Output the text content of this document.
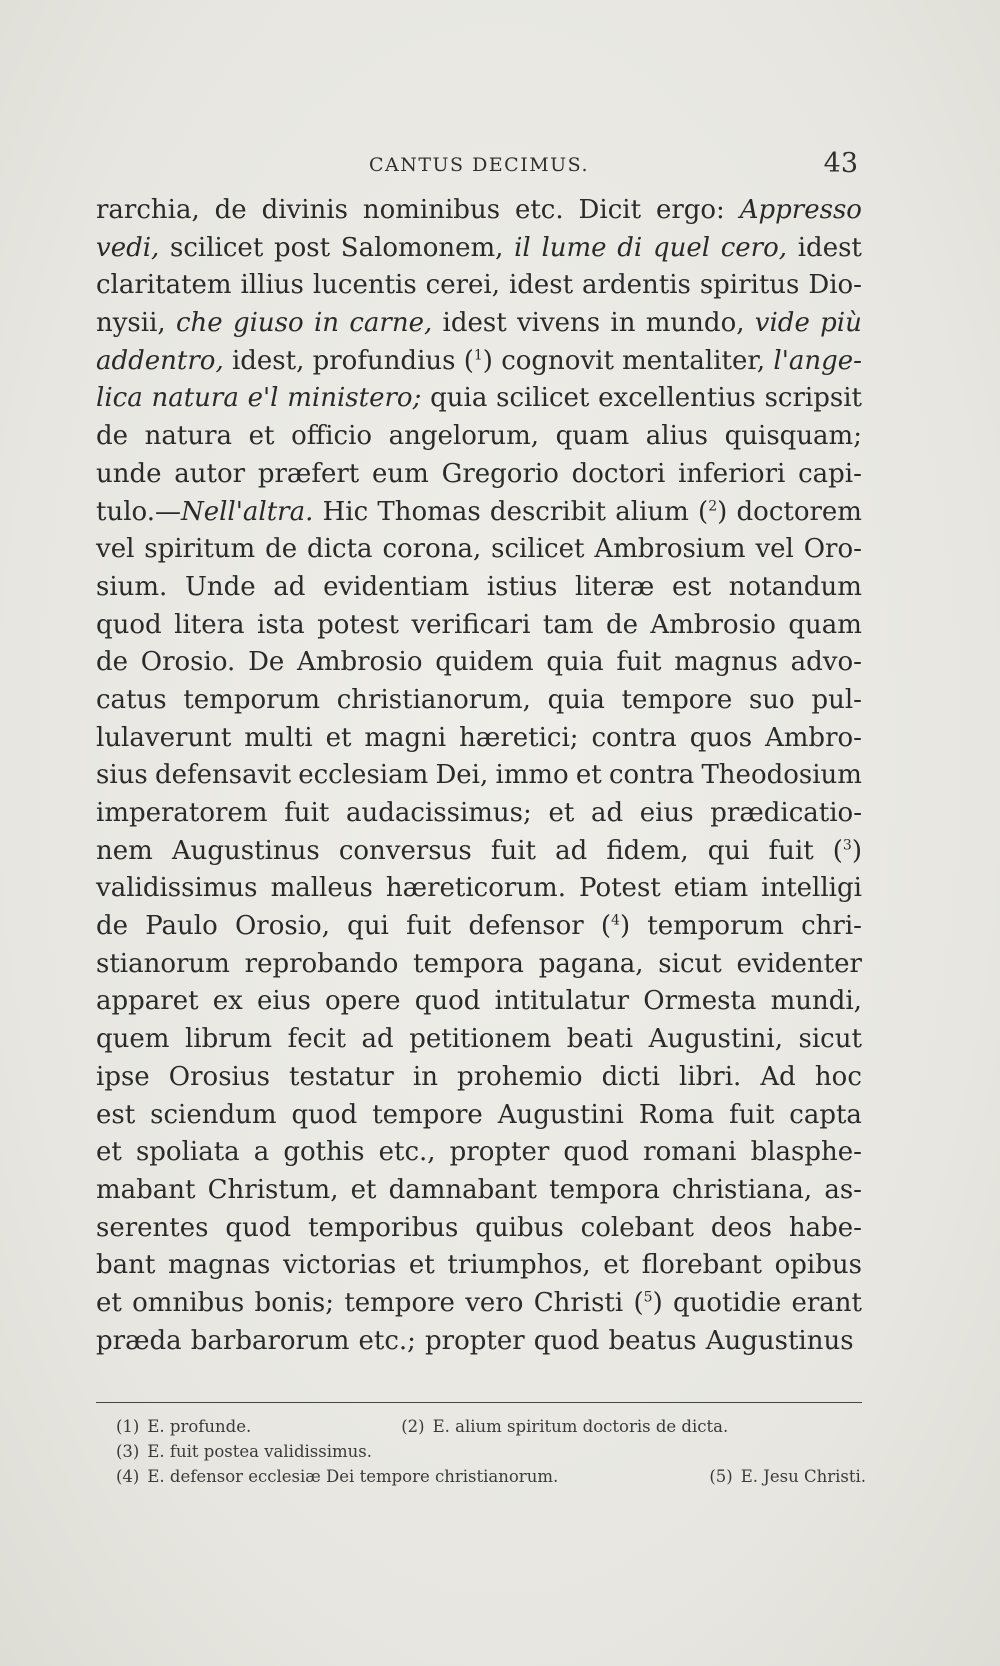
CANTUS DECIMUS.	43
rarchia, de divinis nominibus etc. Dicit ergo: Appresso
vedi, scilicet post Salomonem, il lume di quel cero, idest
claritatem illius lucentis cerei, idest ardentis spiritus Dio-
nysii, che giuso in carne, idest vivens in mundo, vide più
addentro, idest, profundius ($^1$) cognovit mentaliter, l'ange-
lica natura e'l ministero; quia scilicet excellentius scripsit
de natura et officio angelorum, quam alius quisquam;
unde autor præfert eum Gregorio doctori inferiori capi-
tulo.—Nell'altra. Hic Thomas describit alium ($^2$) doctorem
vel spiritum de dicta corona, scilicet Ambrosium vel Oro-
sium. Unde ad evidentiam istius literæ est notandum
quod litera ista potest verificari tam de Ambrosio quam
de Orosio. De Ambrosio quidem quia fuit magnus advo-
catus temporum christianorum, quia tempore suo pul-
lulaverunt multi et magni hæretici; contra quos Ambro-
sius defensavit ecclesiam Dei, immo et contra Theodosium
imperatorem fuit audacissimus; et ad eius prædicatio-
nem Augustinus conversus fuit ad fidem, qui fuit ($^3$)
validissimus malleus hæreticorum. Potest etiam intelligi
de Paulo Orosio, qui fuit defensor ($^4$) temporum chri-
stianorum reprobando tempora pagana, sicut evidenter
apparet ex eius opere quod intitulatur Ormesta mundi,
quem librum fecit ad petitionem beati Augustini, sicut
ipse Orosius testatur in prohemio dicti libri. Ad hoc
est sciendum quod tempore Augustini Roma fuit capta
et spoliata a gothis etc., propter quod romani blasphe-
mabant Christum, et damnabant tempora christiana, as-
serentes quod temporibus quibus colebant deos habe-
bant magnas victorias et triumphos, et florebant opibus
et omnibus bonis; tempore vero Christi ($^5$) quotidie erant
præda barbarorum etc.; propter quod beatus Augustinus
(1) E. profunde.	(2) E. alium spiritum doctoris de dicta.
(3) E. fuit postea validissimus.
(4) E. defensor ecclesiæ Dei tempore christianorum.	(5) E. Jesu Christi.
